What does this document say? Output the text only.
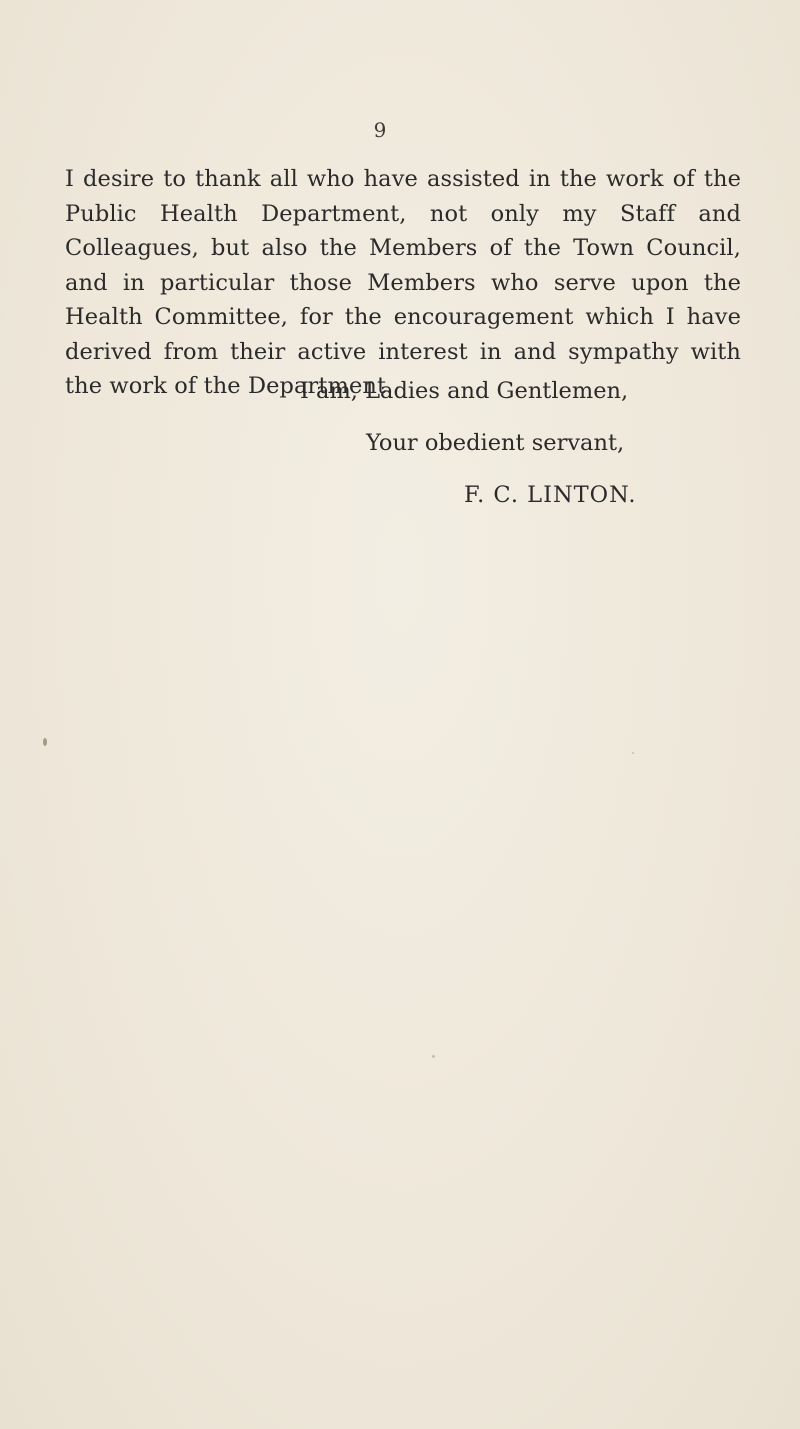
9

I desire to thank all who have assisted in the work of the Public Health Department, not only my Staff and Colleagues, but also the Members of the Town Council, and in particular those Members who serve upon the Health Committee, for the encouragement which I have derived from their active interest in and sympathy with the work of the Department.

I am, Ladies and Gentlemen,
Your obedient servant,
F. C. LINTON.
